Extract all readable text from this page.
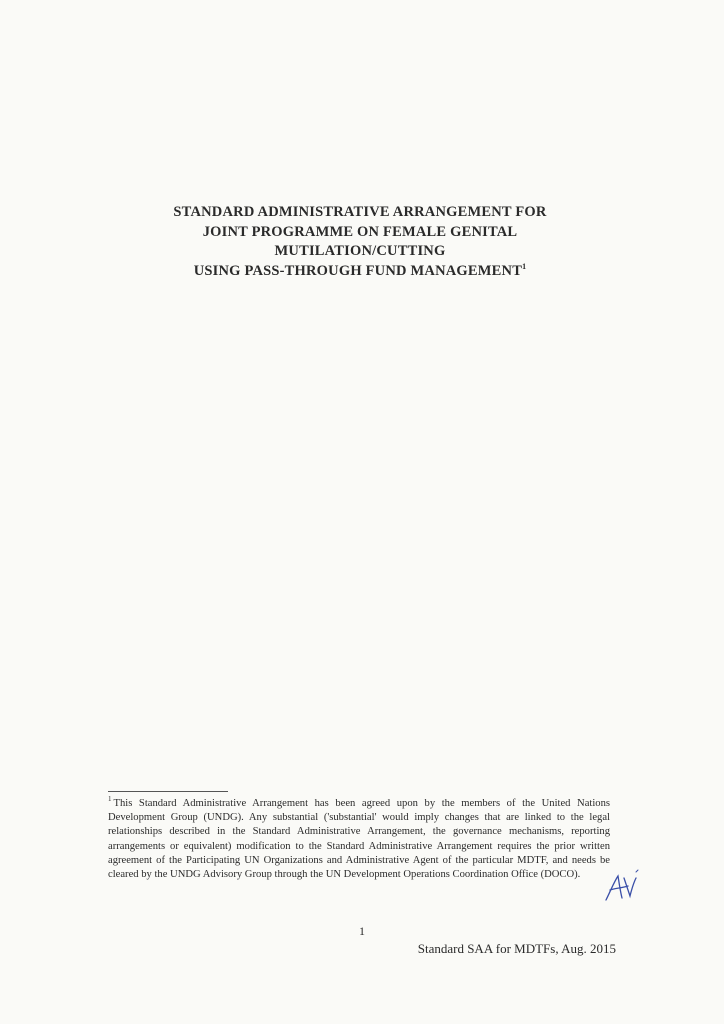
STANDARD ADMINISTRATIVE ARRANGEMENT FOR
JOINT PROGRAMME ON FEMALE GENITAL
MUTILATION/CUTTING
USING PASS-THROUGH FUND MANAGEMENT$^1$
$^1$ This Standard Administrative Arrangement has been agreed upon by the members of the United Nations Development Group (UNDG). Any substantial ('substantial' would imply changes that are linked to the legal relationships described in the Standard Administrative Arrangement, the governance mechanisms, reporting arrangements or equivalent) modification to the Standard Administrative Arrangement requires the prior written agreement of the Participating UN Organizations and Administrative Agent of the particular MDTF, and needs be cleared by the UNDG Advisory Group through the UN Development Operations Coordination Office (DOCO).
1
Standard SAA for MDTFs, Aug. 2015
